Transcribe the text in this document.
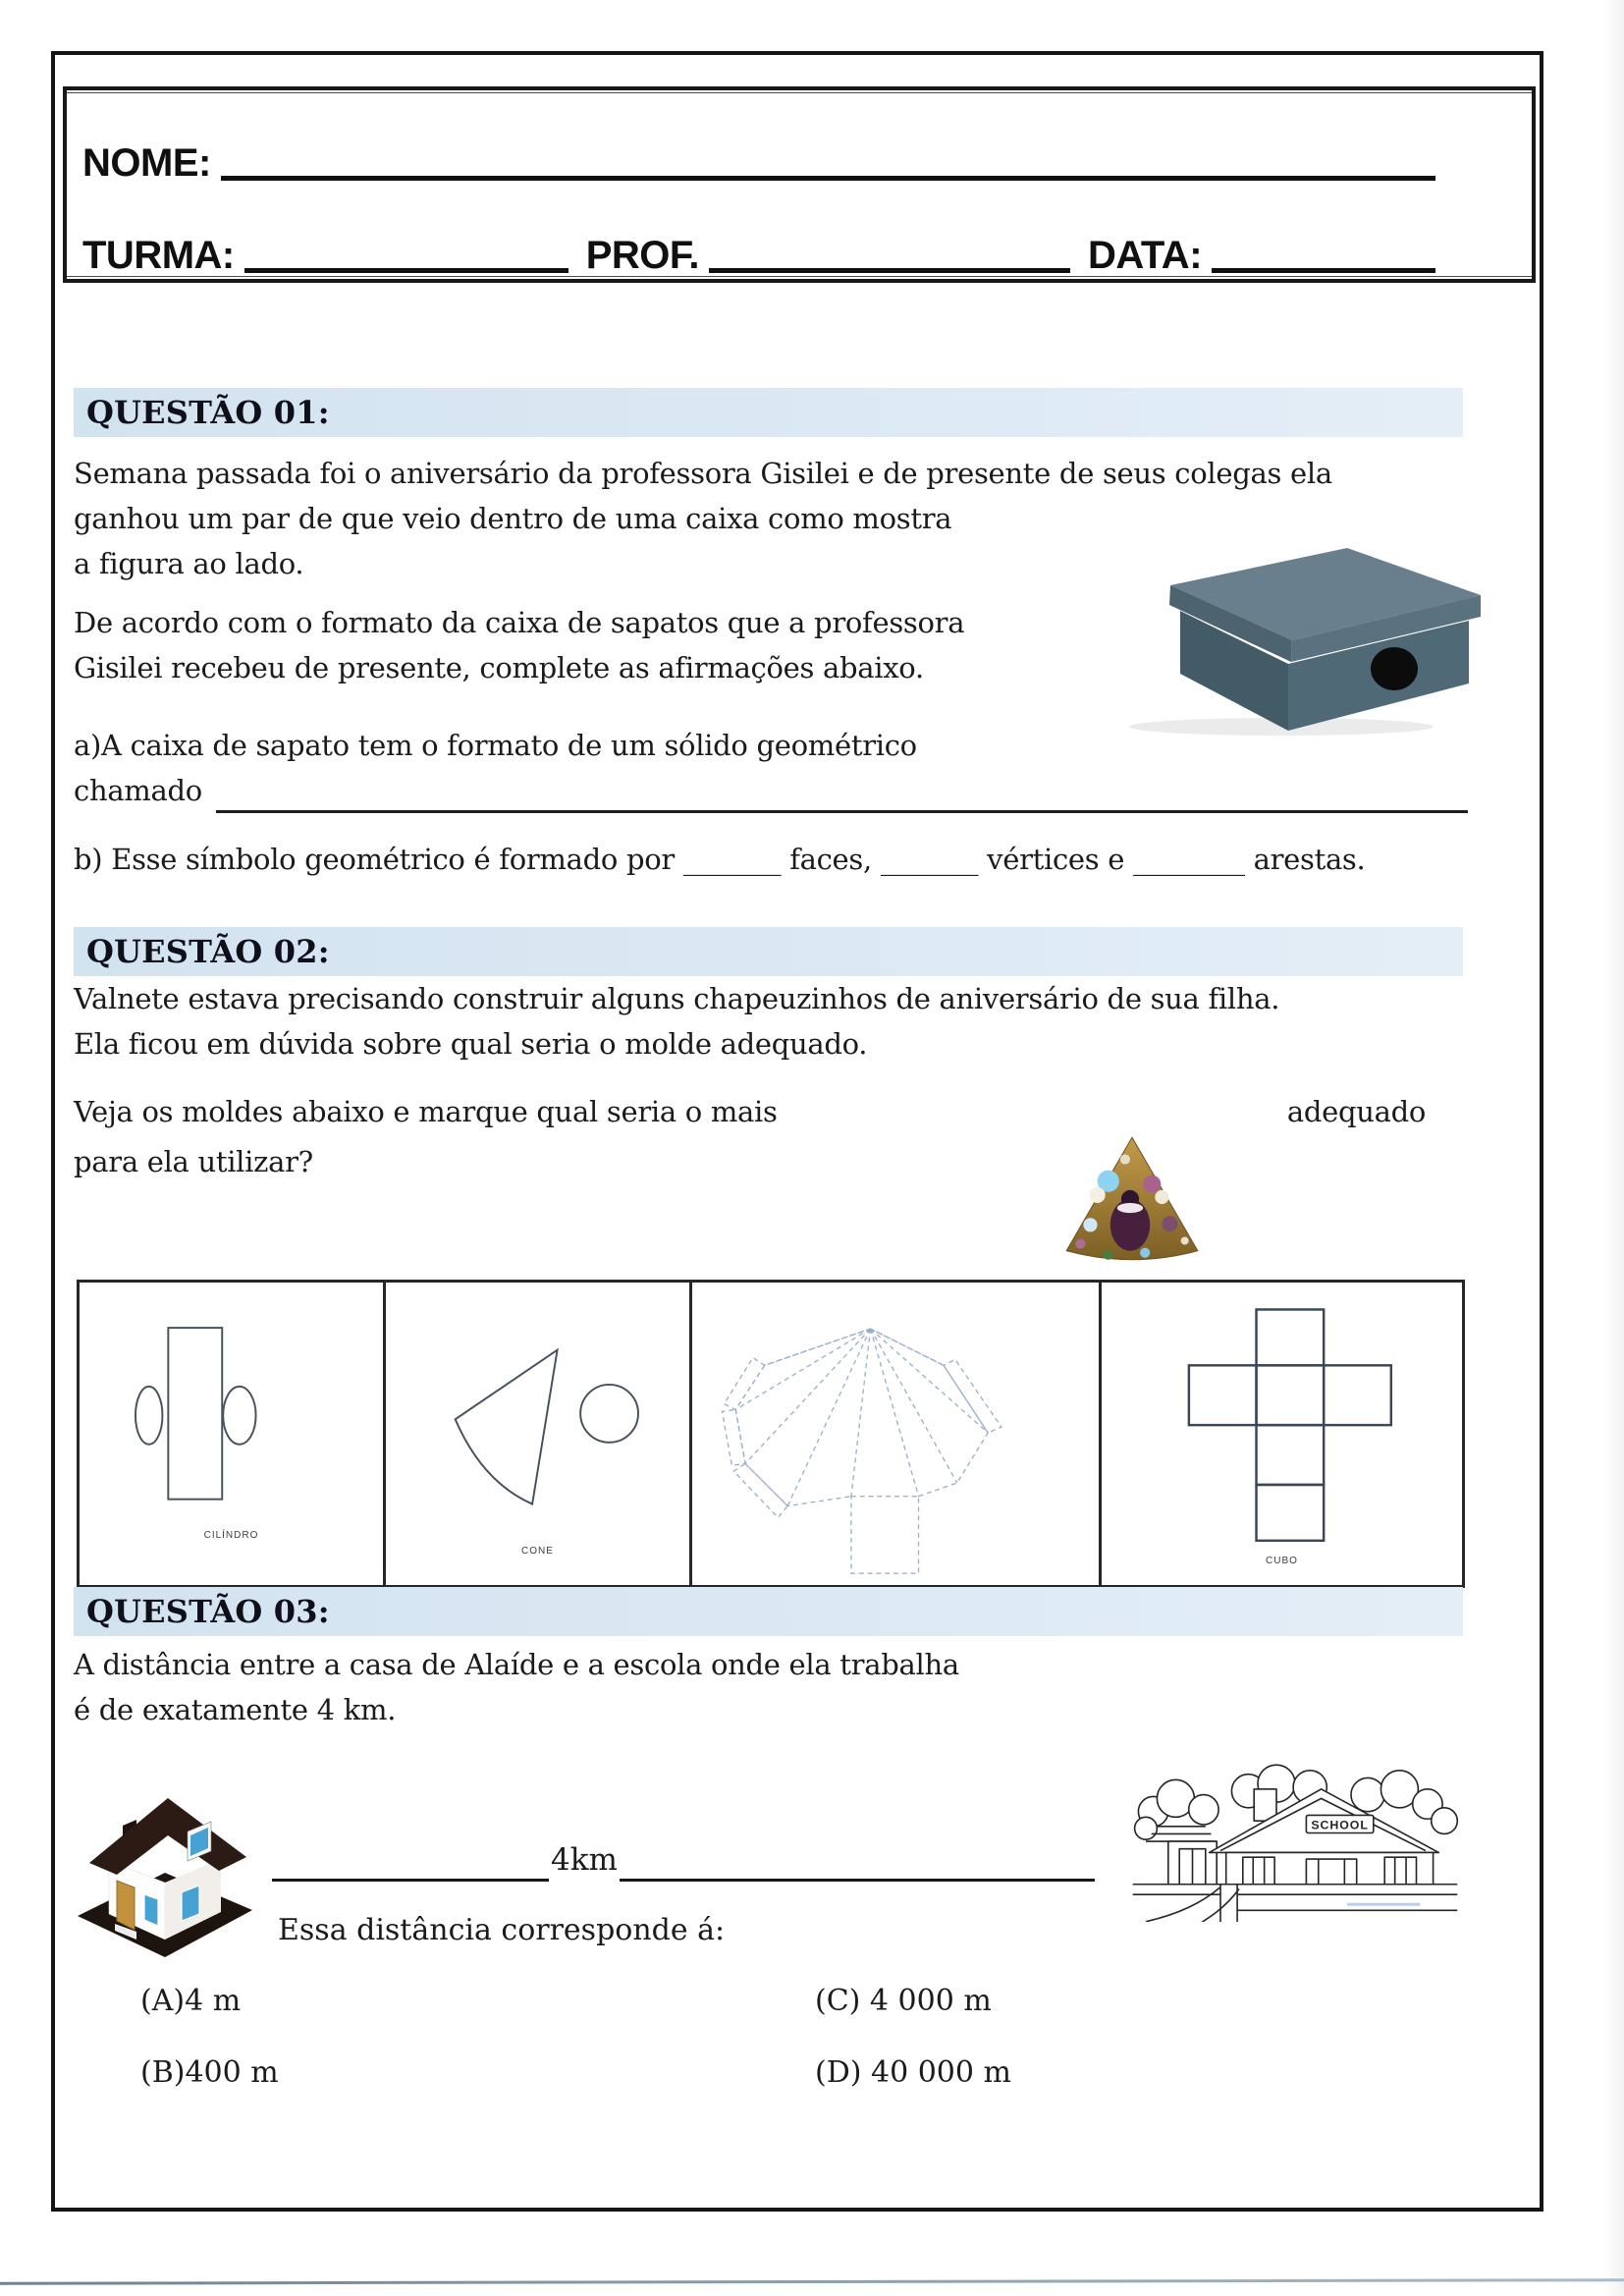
NOME:
TURMA:	PROF.	DATA:
QUESTÃO 01:
Semana passada foi o aniversário da professora Gisilei e de presente de seus colegas ela
ganhou um par de que veio dentro de uma caixa como mostra
a figura ao lado.
De acordo com o formato da caixa de sapatos que a professora
Gisilei recebeu de presente, complete as afirmações abaixo.
a)A caixa de sapato tem o formato de um sólido geométrico
chamado
b) Esse símbolo geométrico é formado por _______ faces, _______ vértices e ________ arestas.
QUESTÃO 02:
Valnete estava precisando construir alguns chapeuzinhos de aniversário de sua filha.
Ela ficou em dúvida sobre qual seria o molde adequado.
Veja os moldes abaixo e marque qual seria o mais	adequado
para ela utilizar?
CILÍNDRO
CONE
CUBO
QUESTÃO 03:
A distância entre a casa de Alaíde e a escola onde ela trabalha
é de exatamente 4 km.
SCHOOL
4km
Essa distância corresponde á:
(A)4 m	(C) 4 000 m
(B)400 m	(D) 40 000 m
